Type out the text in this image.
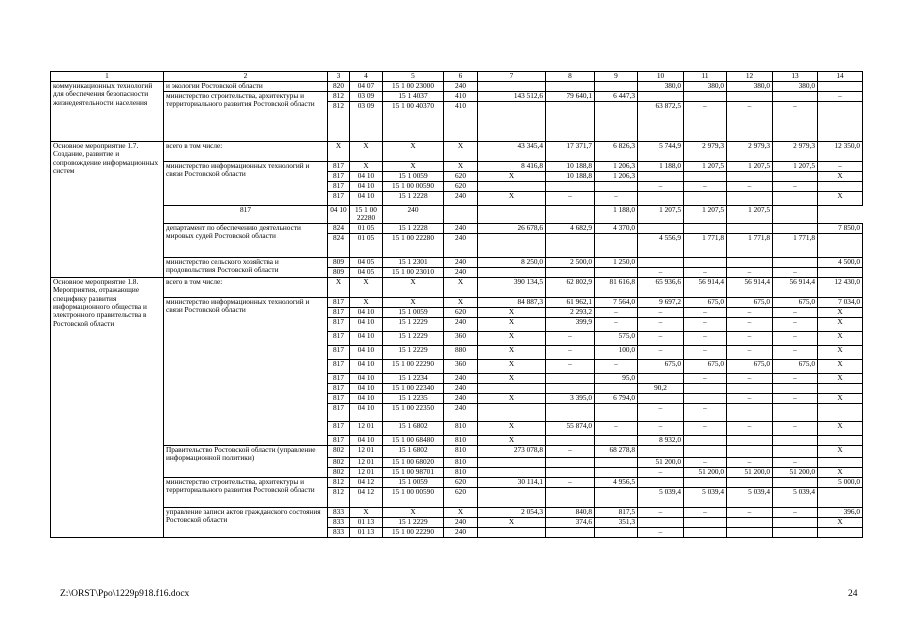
1	2	3	4	5	6	7	8	9	10	11	12	13	14
коммуникационных технологий для обеспечения безопасности жизнедеятельности населения	и экологии Ростовской области	820	04 07	15 1 00 23000	240				380,0	380,0	380,0	380,0	
	министерство строительства, архитектуры и территориального развития Ростовской области	812	03 09	15 1 4037	410	143 512,6	79 640,1	6 447,3					–
		812	03 09	15 1 00 40370	410				63 872,5	–	–	–	
Основное мероприятие 1.7. Создание, развитие и сопровождение информационных систем	всего в том числе:	Х	Х	Х	Х	43 345,4	17 371,7	6 826,3	5 744,9	2 979,3	2 979,3	2 979,3	12 350,0
	министерство информационных технологий и связи Ростовской области	817	Х	Х	Х	8 416,8	10 188,8	1 206,3	1 188,0	1 207,5	1 207,5	1 207,5	–
		817	04 10	15 1 0059	620	Х	10 188,8	1 206,3					Х
		817	04 10	15 1 00 00590	620				–	–	–	–	
		817	04 10	15 1 2228	240	Х	–	–					Х
	817	04 10	15 1 00 22280	240				1 188,0	1 207,5	1 207,5	1 207,5		
	департамент по обеспечению деятельности мировых судей Ростовской области	824	01 05	15 1 2228	240	26 678,6	4 682,9	4 370,0					7 850,0
		824	01 05	15 1 00 22280	240				4 556,9	1 771,8	1 771,8	1 771,8	
	министерство сельского хозяйства и продовольствия Ростовской области	809	04 05	15 1 2301	240	8 250,0	2 500,0	1 250,0					4 500,0
		809	04 05	15 1 00 23010	240				–	–	–	–	
Основное мероприятие 1.8. Мероприятия, отражающие специфику развития информационного общества и электронного правительства в Ростовской области	всего в том числе:	Х	Х	Х	Х	390 134,5	62 802,9	81 616,8	65 936,6	56 914,4	56 914,4	56 914,4	12 430,0
	министерство информационных технологий и связи Ростовской области	817	Х	Х	Х	84 887,3	61 962,1	7 564,0	9 697,2	675,0	675,0	675,0	7 034,0
		817	04 10	15 1 0059	620	Х	2 293,2	–	–	–	–	–	Х
		817	04 10	15 1 2229	240	Х	399,9	–	–	–	–	–	Х
		817	04 10	15 1 2229	360	Х	–	575,0	–	–	–	–	Х
		817	04 10	15 1 2229	880	Х	–	100,0	–	–	–	–	Х
		817	04 10	15 1 00 22290	360	Х	–	–	675,0	675,0	675,0	675,0	Х
		817	04 10	15 1 2234	240	Х		95,0		–	–	–	Х
		817	04 10	15 1 00 22340	240				90,2				
		817	04 10	15 1 2235	240	Х	3 395,0	6 794,0			–	–	Х
		817	04 10	15 1 00 22350	240				–	–			
		817	12 01	15 1 6802	810	Х	55 874,0	–	–	–	–	–	Х
		817	04 10	15 1 00 68480	810	Х			8 932,0				
	Правительство Ростовской области (управление информационной политики)	802	12 01	15 1 6802	810	273 078,8	–	68 278,8					Х
		802	12 01	15 1 00 68020	810				51 200,0	–	–	–	
		802	12 01	15 1 00 98701	810				–	51 200,0	51 200,0	51 200,0	Х
	министерство строительства, архитектуры и территориального развития Ростовской области	812	04 12	15 1 0059	620	30 114,1	–	4 956,5					5 000,0
		812	04 12	15 1 00 00590	620				5 039,4	5 039,4	5 039,4	5 039,4	
	управление записи актов гражданского состояния Ростовской области	833	Х	Х	Х	2 054,3	840,8	817,5	–	–	–	–	396,0
		833	01 13	15 1 2229	240	Х	374,6	351,3					Х
		833	01 13	15 1 00 22290	240				–				
Z:\ORST\Ppo\1229p918.f16.docx	24
